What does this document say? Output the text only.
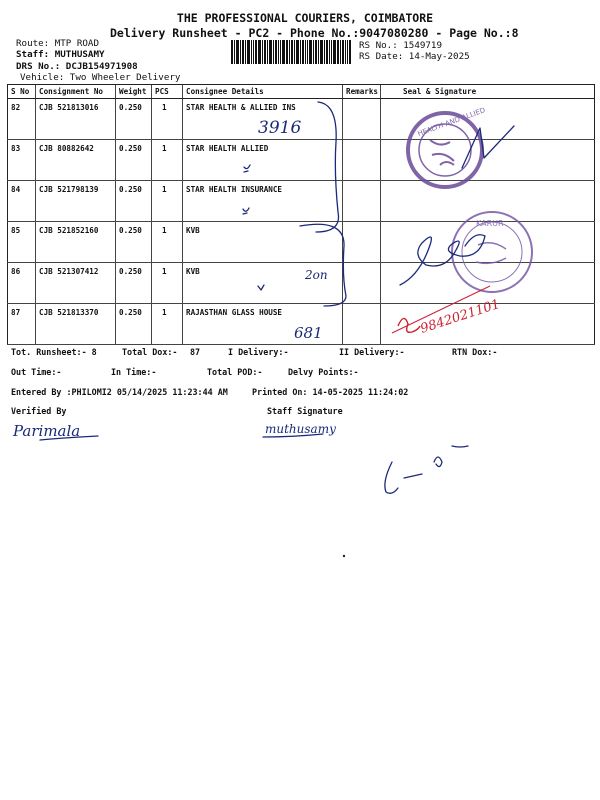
THE PROFESSIONAL COURIERS, COIMBATORE
Delivery Runsheet - PC2 - Phone No.:9047080280 - Page No.:8
Route: MTP ROAD
Staff: MUTHUSAMY
DRS No.: DCJB154971908
Vehicle: Two Wheeler Delivery
RS No.: 1549719
RS Date: 14-May-2025
S No	Consignment No	Weight	PCS	Consignee Details	Remarks	Seal & Signature
82	CJB 521813016	0.250	1	STAR HEALTH & ALLIED INS		
83	CJB 80882642	0.250	1	STAR HEALTH ALLIED		
84	CJB 521798139	0.250	1	STAR HEALTH INSURANCE		
85	CJB 521852160	0.250	1	KVB		
86	CJB 521307412	0.250	1	KVB		
87	CJB 521813370	0.250	1	RAJASTHAN GLASS HOUSE		
3916
2on
681
HEALTH AND ALLIED
KARUR
9842021101
Parimala	muthusamy
Tot. Runsheet:- 8	Total Dox:- 87	I Delivery:-	II Delivery:-	RTN Dox:-
Out Time:-	In Time:-	Total POD:-	Delvy Points:-
Entered By :PHILOMI2 05/14/2025 11:23:44 AM	Printed On: 14-05-2025 11:24:02
Verified By	Staff Signature
